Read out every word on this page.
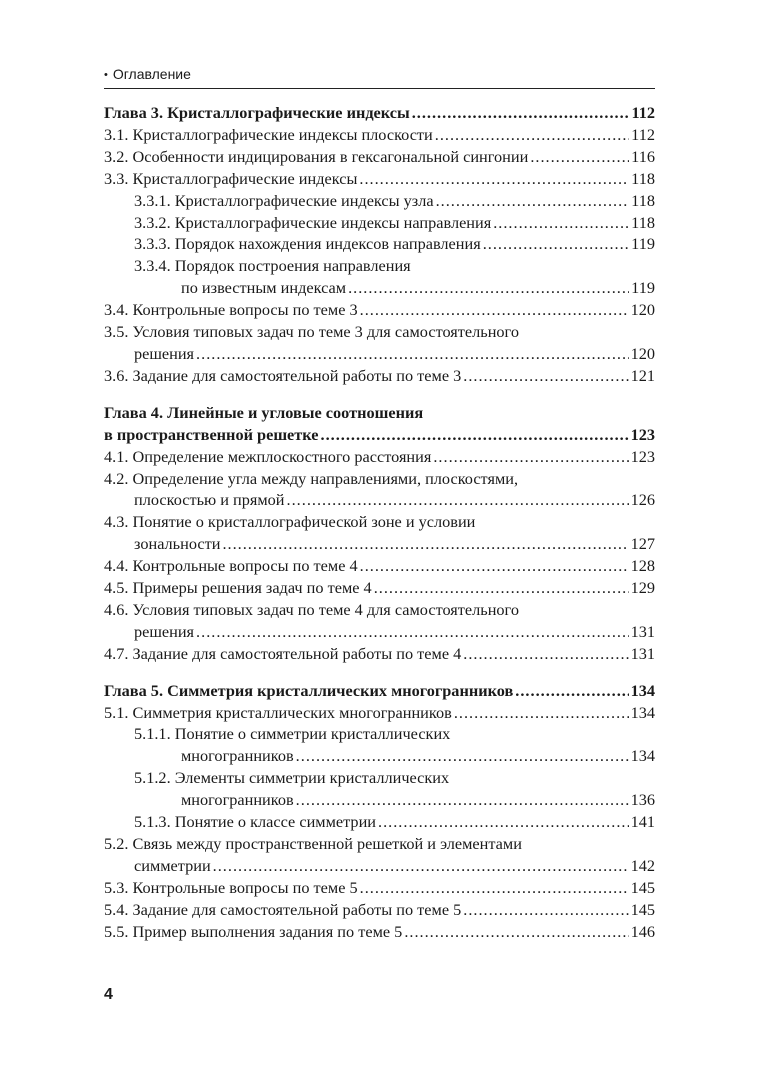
• Оглавление
Глава 3. Кристаллографические индексы .....	112
3.1. Кристаллографические индексы плоскости .....	112
3.2. Особенности индицирования в гексагональной сингонии .....	116
3.3. Кристаллографические индексы .....	118
3.3.1. Кристаллографические индексы узла .....	118
3.3.2. Кристаллографические индексы направления .....	118
3.3.3. Порядок нахождения индексов направления .....	119
3.3.4. Порядок построения направления
по известным индексам .....	119
3.4. Контрольные вопросы по теме 3 .....	120
3.5. Условия типовых задач по теме 3 для самостоятельного
решения .....	120
3.6. Задание для самостоятельной работы по теме 3 .....	121
Глава 4. Линейные и угловые соотношения
в пространственной решетке .....	123
4.1. Определение межплоскостного расстояния .....	123
4.2. Определение угла между направлениями, плоскостями,
плоскостью и прямой .....	126
4.3. Понятие о кристаллографической зоне и условии
зональности .....	127
4.4. Контрольные вопросы по теме 4 .....	128
4.5. Примеры решения задач по теме 4 .....	129
4.6. Условия типовых задач по теме 4 для самостоятельного
решения .....	131
4.7. Задание для самостоятельной работы по теме 4 .....	131
Глава 5. Симметрия кристаллических многогранников .....	134
5.1. Симметрия кристаллических многогранников .....	134
5.1.1. Понятие о симметрии кристаллических
многогранников .....	134
5.1.2. Элементы симметрии кристаллических
многогранников .....	136
5.1.3. Понятие о классе симметрии .....	141
5.2. Связь между пространственной решеткой и элементами
симметрии .....	142
5.3. Контрольные вопросы по теме 5 .....	145
5.4. Задание для самостоятельной работы по теме 5 .....	145
5.5. Пример выполнения задания по теме 5 .....	146
4
